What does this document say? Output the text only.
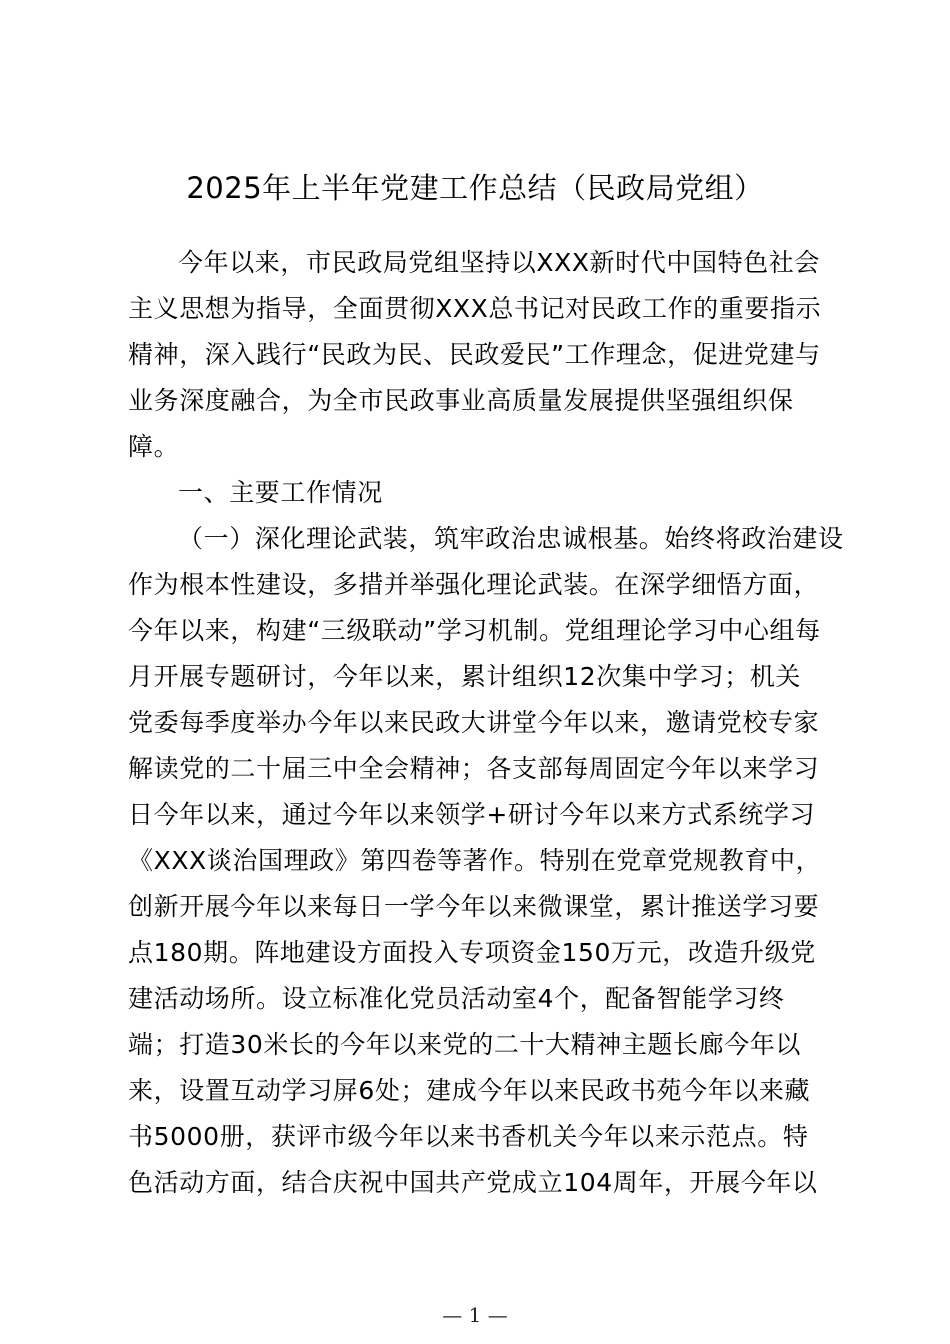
2025年上半年党建工作总结（民政局党组）
今年以来，市民政局党组坚持以XXX新时代中国特色社会
主义思想为指导，全面贯彻XXX总书记对民政工作的重要指示
精神，深入践行“民政为民、民政爱民”工作理念，促进党建与
业务深度融合，为全市民政事业高质量发展提供坚强组织保
障。
一、主要工作情况
（一）深化理论武装，筑牢政治忠诚根基。始终将政治建设
作为根本性建设，多措并举强化理论武装。在深学细悟方面，
今年以来，构建“三级联动”学习机制。党组理论学习中心组每
月开展专题研讨，今年以来，累计组织12次集中学习；机关
党委每季度举办今年以来民政大讲堂今年以来，邀请党校专家
解读党的二十届三中全会精神；各支部每周固定今年以来学习
日今年以来，通过今年以来领学+研讨今年以来方式系统学习
《XXX谈治国理政》第四卷等著作。特别在党章党规教育中，
创新开展今年以来每日一学今年以来微课堂，累计推送学习要
点180期。阵地建设方面投入专项资金150万元，改造升级党
建活动场所。设立标准化党员活动室4个，配备智能学习终
端；打造30米长的今年以来党的二十大精神主题长廊今年以
来，设置互动学习屏6处；建成今年以来民政书苑今年以来藏
书5000册，获评市级今年以来书香机关今年以来示范点。特
色活动方面，结合庆祝中国共产党成立104周年，开展今年以
— 1 —
